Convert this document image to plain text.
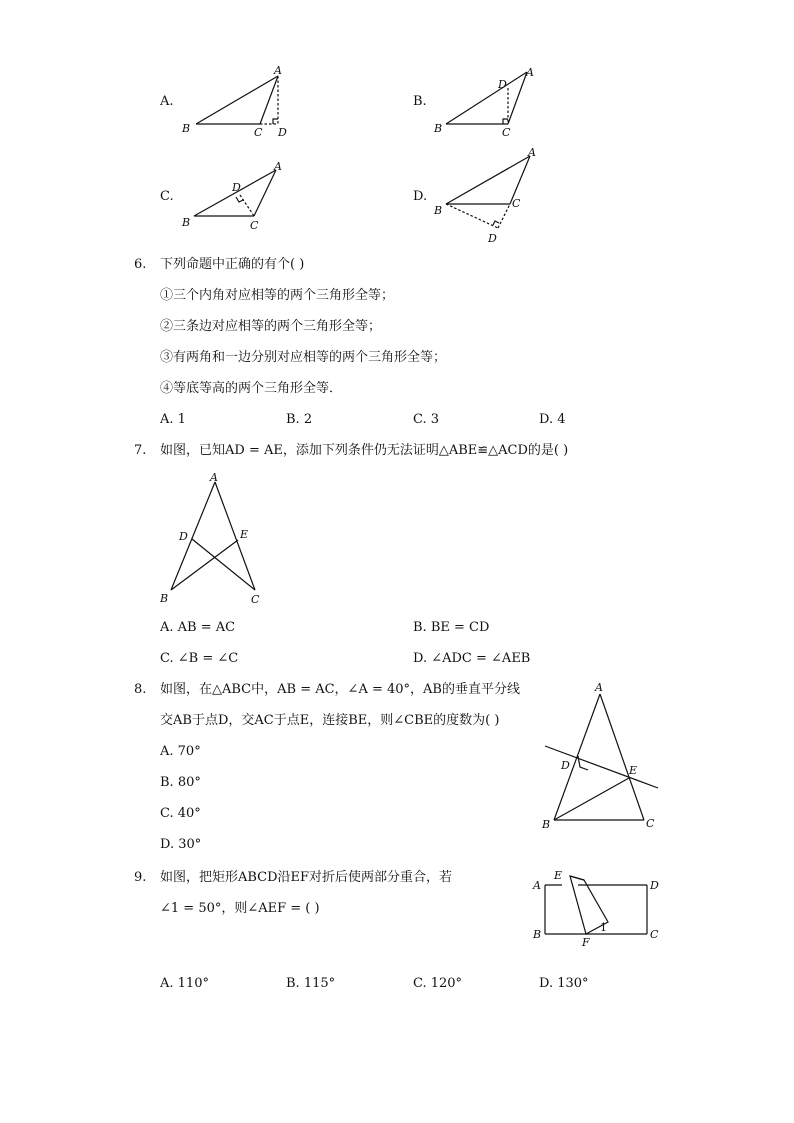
A.
B	C D
A
B.
B	C
D
A
C.
B	C
D
A
D.
B
C
D
A
6. 下列命题中正确的有个( )
①三个内角对应相等的两个三角形全等；
②三条边对应相等的两个三角形全等；
③有两角和一边分别对应相等的两个三角形全等；
④等底等高的两个三角形全等．
A. 1	B. 2	C. 3	D. 4
7. 如图，已知AD = AE，添加下列条件仍无法证明△ABE≌△ACD的是( )
A
D	E
B	C
A. AB = AC	B. BE = CD
C. ∠B = ∠C	D. ∠ADC = ∠AEB
8. 如图，在△ABC中，AB = AC，∠A = 40°，AB的垂直平分线
交AB于点D，交AC于点E，连接BE，则∠CBE的度数为( )
A. 70°
B. 80°
C. 40°
D. 30°
A
D	E
B	C
9. 如图，把矩形ABCD沿EF对折后使两部分重合，若
∠1 = 50°，则∠AEF = ( )
A
E
D
B	C
F
1
A. 110°	B. 115°	C. 120°	D. 130°
